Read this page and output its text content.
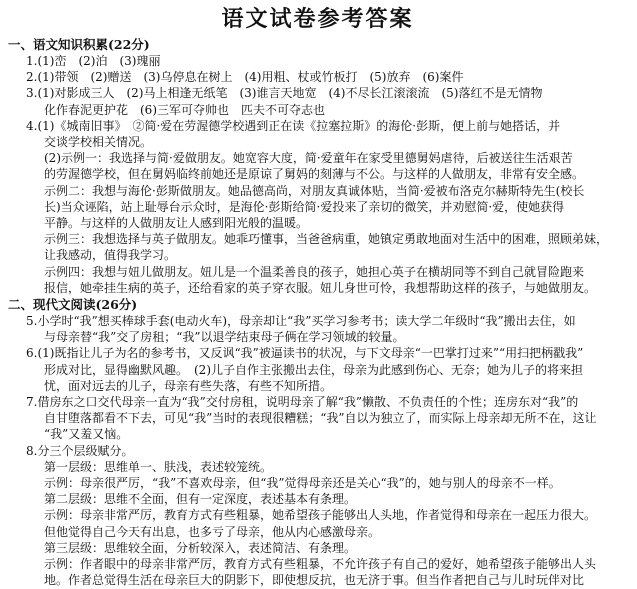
语文试卷参考答案
一、语文知识积累(22分)
1.(1)峦　(2)泊　(3)瑰丽
2.(1)带领　(2)赠送　(3)乌停息在树上　(4)用粗、杖或竹板打　(5)放弃　(6)案件
3.(1)对影成三人　(2)马上相逢无纸笔　(3)谁言天地宽　(4)不尽长江滚滚流　(5)落红不是无情物
化作春泥更护花　(6)三军可夺帅也　匹夫不可夺志也
4.(1)《城南旧事》　②简·爱在劳渥德学校遇到正在读《拉塞拉斯》的海伦·彭斯，便上前与她搭话，并
交谈学校相关情况。
(2)示例一：我选择与简·爱做朋友。她宽容大度，简·爱童年在家受里德舅妈虐待，后被送往生活艰苦
的劳渥德学校，但在舅妈临终前她还是原谅了舅妈的刻薄与不公。与这样的人做朋友，非常有安全感。
示例二：我想与海伦·彭斯做朋友。她品德高尚，对朋友真诚体贴，当简·爱被布洛克尔赫斯特先生(校长
长)当众诬陷，站上耻辱台示众时，是海伦·彭斯给简·爱投来了亲切的微笑，并劝慰简·爱，使她获得
平静。与这样的人做朋友让人感到阳光般的温暖。
示例三：我想选择与英子做朋友。她乖巧懂事，当爸爸病重，她镇定勇敢地面对生活中的困难，照顾弟妹，
让我感动，值得我学习。
示例四：我想与妞儿做朋友。妞儿是一个温柔善良的孩子，她担心英子在横胡同等不到自己就冒险跑来
报信，她牵挂生病的英子，还给看家的英子穿衣服。妞儿身世可怜，我想帮助这样的孩子，与她做朋友。
二、现代文阅读(26分)
5.小学时“我”想买棒球手套(电动火车)，母亲却让“我”买学习参考书；读大学二年级时“我”搬出去住，如
与母亲替“我”交了房租；“我”以退学结束母子俩在学习领域的较量。
6.(1)既指让儿子为名的参考书，又反讽“我”被逼读书的状况，与下文母亲“一巴掌打过来”“用扫把柄戳我”
形成对比，显得幽默风趣。　(2)儿子自作主张搬出去住，母亲为此感到伤心、无奈；她为儿子的将来担
忧，面对远去的儿子，母亲有些失落，有些不知所措。
7.借房东之口交代母亲一直为“我”交付房租，说明母亲了解“我”懒散、不负责任的个性；连房东对“我”的
自甘堕落都看不下去，可见“我”当时的表现很糟糕；“我”自以为独立了，而实际上母亲却无所不在，这让
“我”又羞又恼。
8.分三个层级赋分。
第一层级：思维单一、肤浅，表述较笼统。
示例：母亲很严厉，“我”不喜欢母亲，但“我”觉得母亲还是关心“我”的，她与别人的母亲不一样。
第二层级：思维不全面，但有一定深度，表述基本有条理。
示例：母亲非常严厉，教育方式有些粗暴，她希望孩子能够出人头地，作者觉得和母亲在一起压力很大。
但他觉得自己今天有出息，也多亏了母亲，他从内心感激母亲。
第三层级：思维较全面，分析较深入，表述简洁、有条理。
示例：作者眼中的母亲非常严厉，教育方式有些粗暴，不允许孩子有自己的爱好，她希望孩子能够出人头
地。作者总觉得生活在母亲巨大的阴影下，即使想反抗，也无济于事。但当作者把自己与儿时玩伴对比
